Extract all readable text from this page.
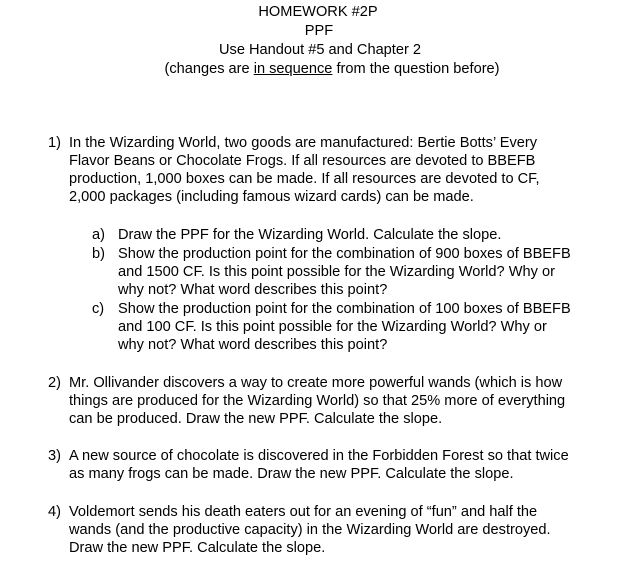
HOMEWORK #2P
PPF
Use Handout #5 and Chapter 2
(changes are in sequence from the question before)
1) In the Wizarding World, two goods are manufactured: Bertie Botts’ Every
Flavor Beans or Chocolate Frogs. If all resources are devoted to BBEFB
production, 1,000 boxes can be made. If all resources are devoted to CF,
2,000 packages (including famous wizard cards) can be made.
a) Draw the PPF for the Wizarding World. Calculate the slope.
b) Show the production point for the combination of 900 boxes of BBEFB
and 1500 CF. Is this point possible for the Wizarding World? Why or
why not? What word describes this point?
c) Show the production point for the combination of 100 boxes of BBEFB
and 100 CF. Is this point possible for the Wizarding World? Why or
why not? What word describes this point?
2) Mr. Ollivander discovers a way to create more powerful wands (which is how
things are produced for the Wizarding World) so that 25% more of everything
can be produced. Draw the new PPF. Calculate the slope.
3) A new source of chocolate is discovered in the Forbidden Forest so that twice
as many frogs can be made. Draw the new PPF. Calculate the slope.
4) Voldemort sends his death eaters out for an evening of “fun” and half the
wands (and the productive capacity) in the Wizarding World are destroyed.
Draw the new PPF. Calculate the slope.
